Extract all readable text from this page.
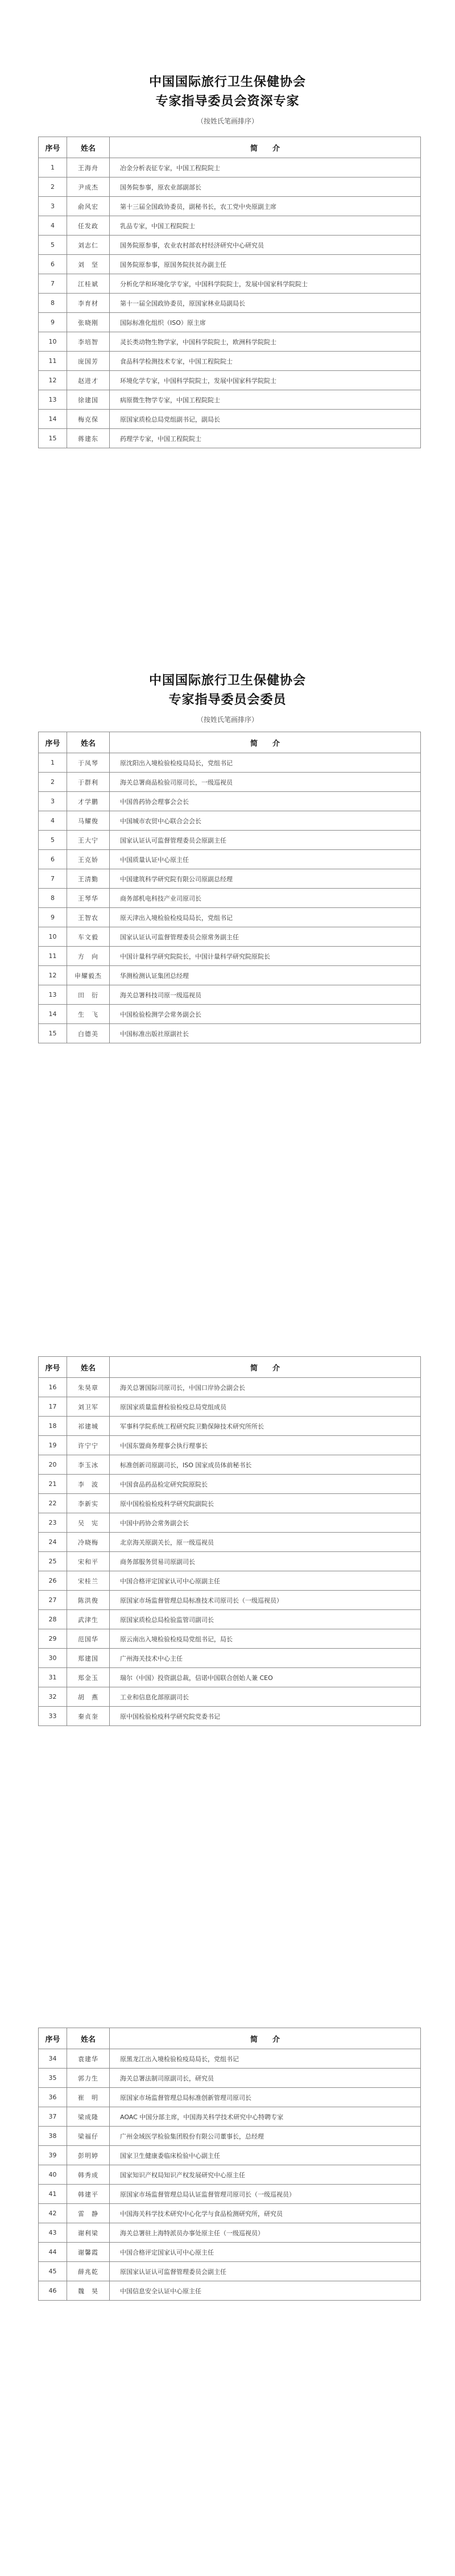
中国国际旅行卫生保健协会
专家指导委员会资深专家
（按姓氏笔画排序）
序号	姓名	简　　介
1	王海舟	冶金分析表征专家，中国工程院院士
2	尹成杰	国务院参事，原农业部副部长
3	俞风宏	第十三届全国政协委员，副秘书长，农工党中央原副主席
4	任发政	乳品专家，中国工程院院士
5	刘志仁	国务院原参事，农业农村部农村经济研究中心研究员
6	刘　坚	国务院原参事，原国务院扶贫办副主任
7	江桂斌	分析化学和环境化学专家，中国科学院院士，发展中国家科学院院士
8	李育材	第十一届全国政协委员，原国家林业局副局长
9	张晓刚	国际标准化组织（ISO）原主席
10	李培智	灵长类动物生物学家，中国科学院院士，欧洲科学院院士
11	庞国芳	食品科学检测技术专家，中国工程院院士
12	赵进才	环境化学专家，中国科学院院士，发展中国家科学院院士
13	徐建国	病原微生物学专家，中国工程院院士
14	梅克保	原国家质检总局党组副书记，副局长
15	蒋建东	药理学专家，中国工程院院士
中国国际旅行卫生保健协会
专家指导委员会委员
（按姓氏笔画排序）
序号	姓名	简　　介
1	于凤琴	原沈阳出入境检验检疫局局长，党组书记
2	于群利	海关总署商品检验司原司长，一级巡视员
3	才学鹏	中国兽药协会理事会会长
4	马耀俊	中国城市农贸中心联合会会长
5	王大宁	国家认证认可监督管理委员会原副主任
6	王克娇	中国质量认证中心原主任
7	王清勤	中国建筑科学研究院有限公司原副总经理
8	王琴华	商务部机电科技产业司原司长
9	王智农	原天津出入境检验检疫局局长，党组书记
10	车文毅	国家认证认可监督管理委员会原常务副主任
11	方　向	中国计量科学研究院院长，中国计量科学研究院原院长
12	申耀毅杰	华测检测认证集团总经理
13	田　衍	海关总署科技司原一级巡视员
14	生　飞	中国检验检测学会常务副会长
15	白德美	中国标准出版社原副社长
序号	姓名	简　　介
16	朱昊章	海关总署国际司原司长，中国口岸协会副会长
17	刘卫军	原国家质量监督检验检疫总局党组成员
18	祁建城	军事科学院系统工程研究院卫勤保障技术研究所所长
19	许宁宁	中国东盟商务理事会执行理事长
20	李玉冰	标准创新司原副司长，ISO 国家成员体前秘书长
21	李　波	中国食品药品检定研究院原院长
22	李新实	原中国检验检疫科学研究院副院长
23	吴　宪	中国中药协会常务副会长
24	冷晓梅	北京海关原副关长，原一级巡视员
25	宋和平	商务部服务贸易司原副司长
26	宋桂兰	中国合格评定国家认可中心原副主任
27	陈洪俊	原国家市场监督管理总局标准技术司原司长（一级巡视员）
28	武津生	原国家质检总局检验监管司副司长
29	范国华	原云南出入境检验检疫局党组书记，局长
30	郑建国	广州海关技术中心主任
31	郑金玉	瑞尔（中国）投资副总裁，信诺中国联合创始人兼 CEO
32	胡　燕	工业和信息化部原副司长
33	秦贞奎	原中国检验检疫科学研究院党委书记
序号	姓名	简　　介
34	袁建华	原黑龙江出入境检验检疫局局长，党组书记
35	郭力生	海关总署法制司原副司长，研究员
36	崔　明	原国家市场监督管理总局标准创新管理司原司长
37	梁成隆	AOAC 中国分部主席，中国海关科学技术研究中心特聘专家
38	梁福仔	广州金域医学检验集团股份有限公司董事长，总经理
39	彭明婷	国家卫生健康委临床检验中心副主任
40	韩秀成	国家知识产权局知识产权发展研究中心原主任
41	韩建平	原国家市场监督管理总局认证监督管理司原司长（一级巡视员）
42	雷　静	中国海关科学技术研究中心化学与食品检测研究所，研究员
43	谢利梁	海关总署驻上海特派员办事处原主任（一级巡视员）
44	谢馨霞	中国合格评定国家认可中心原主任
45	薛兆乾	原国家认证认可监督管理委员会副主任
46	魏　昊	中国信息安全认证中心原主任
